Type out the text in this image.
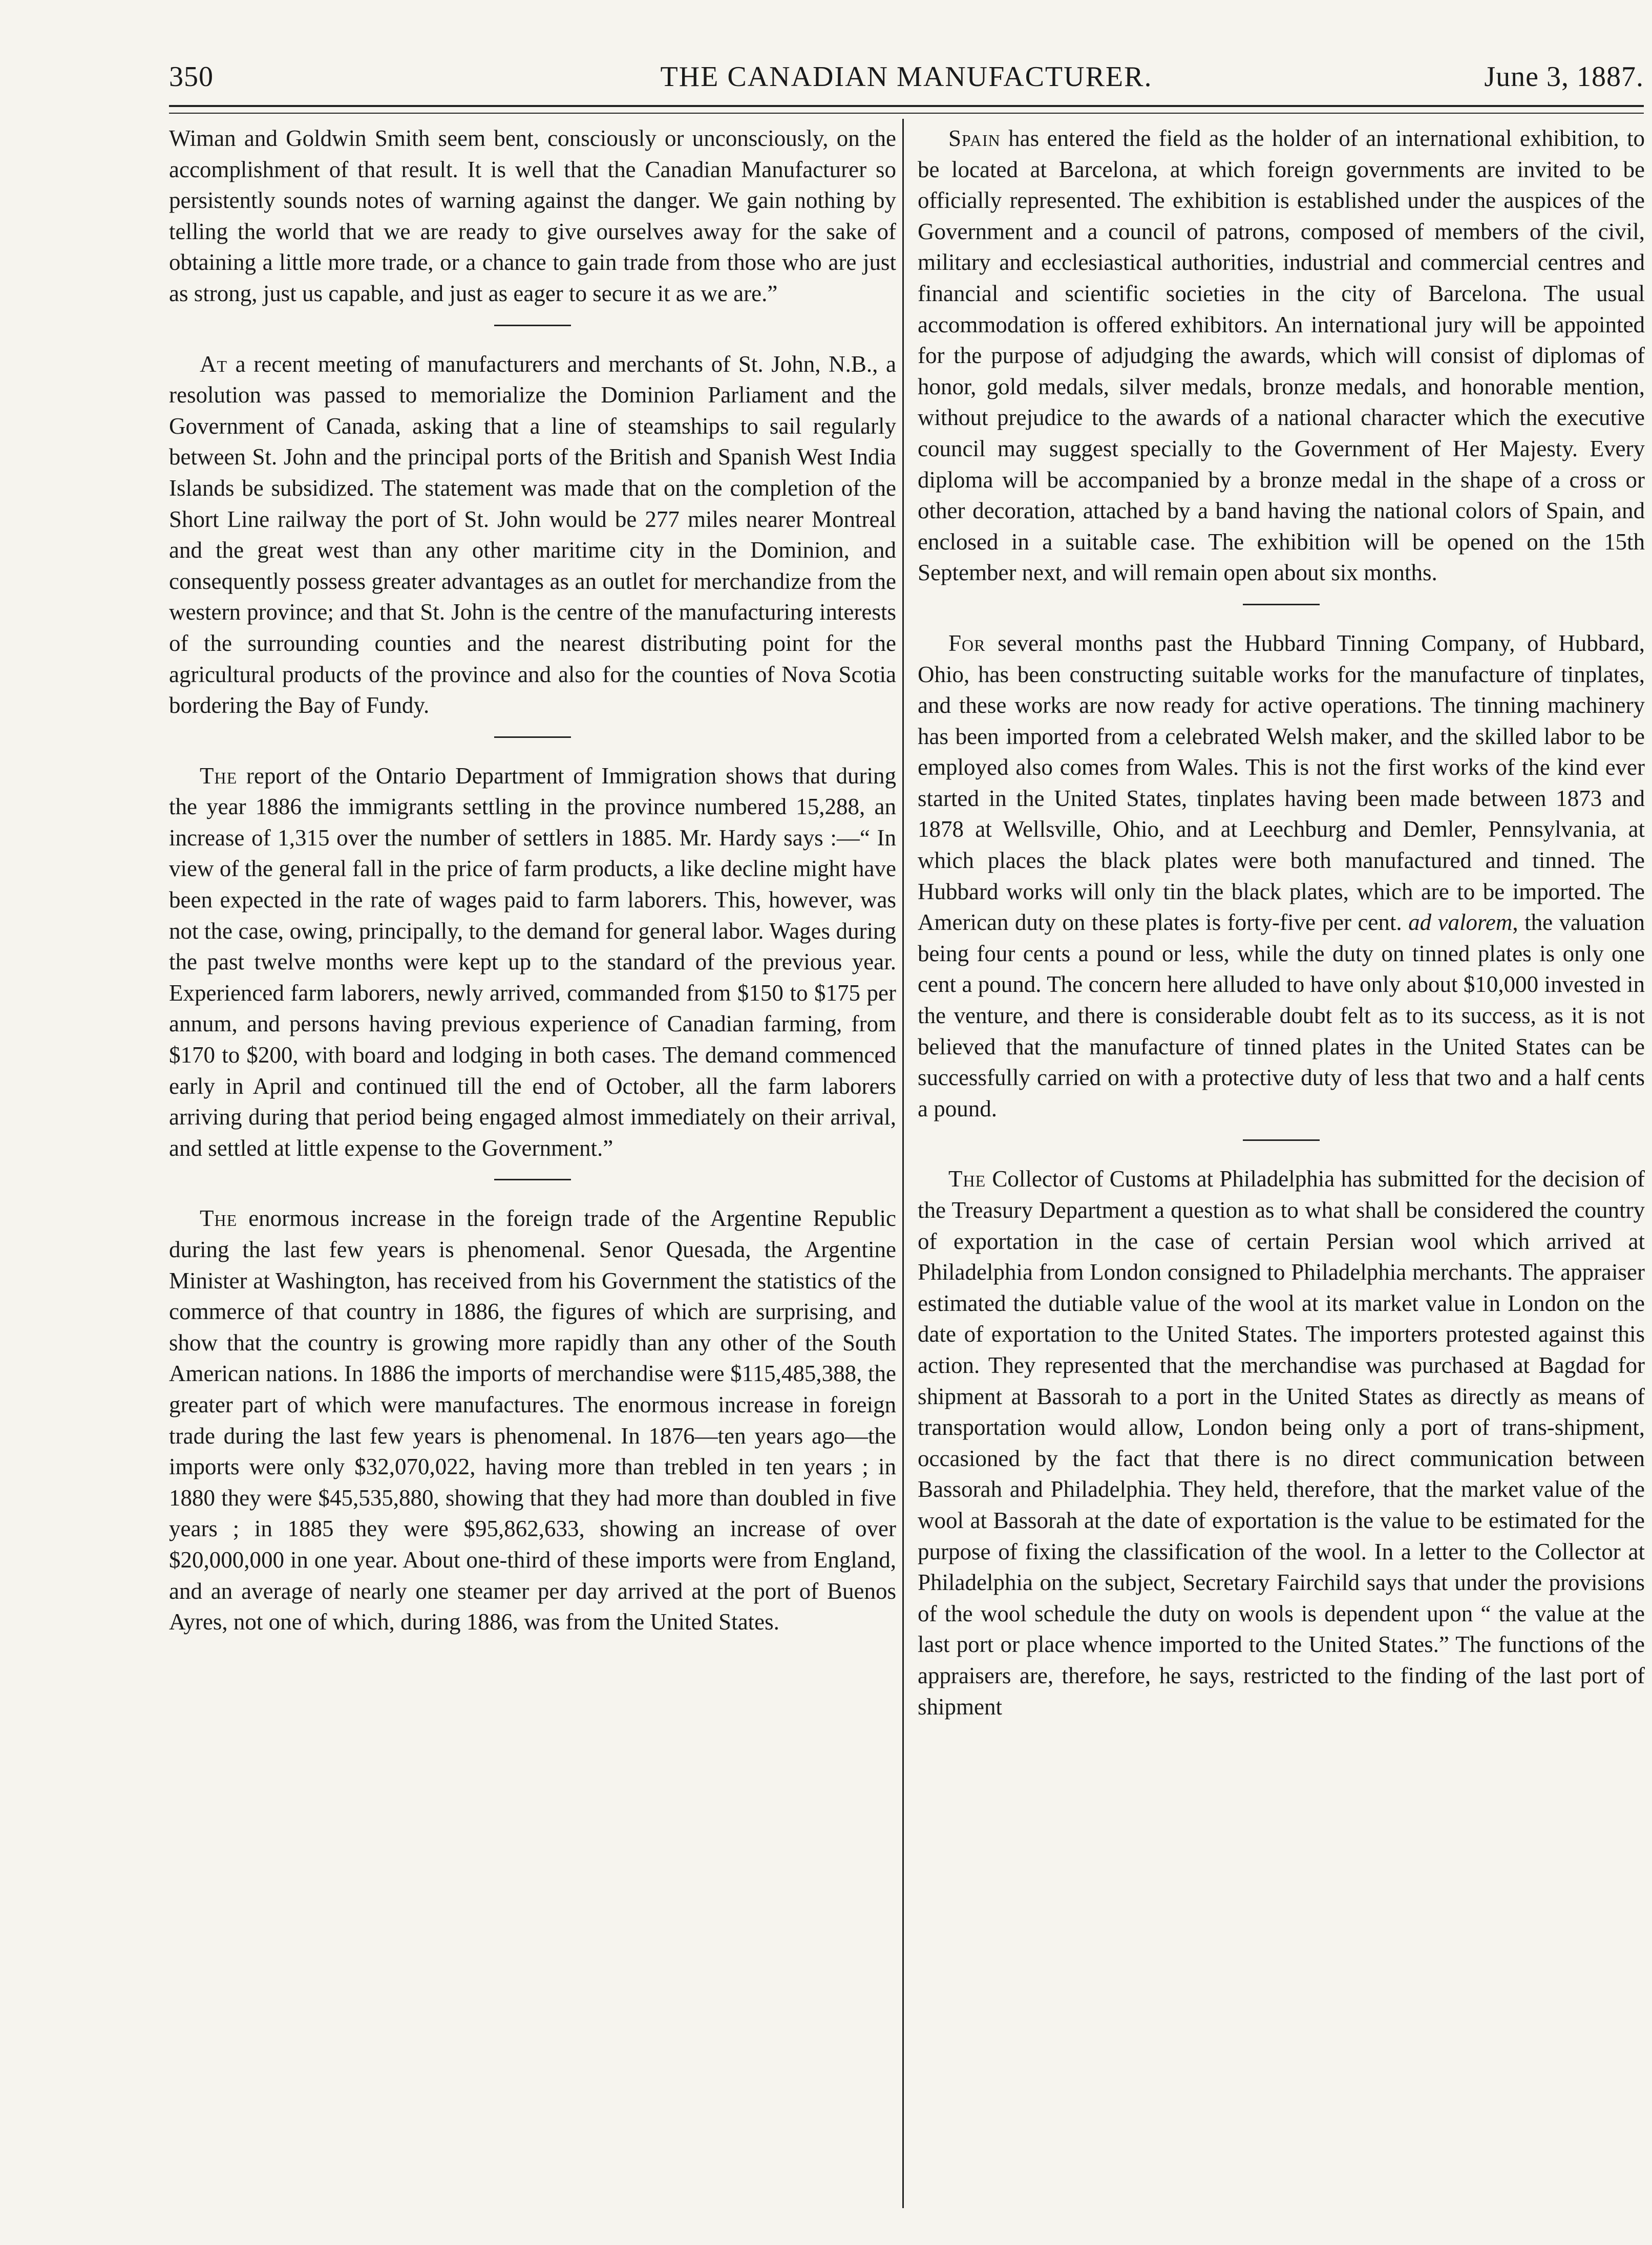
350	THE CANADIAN MANUFACTURER.	June 3, 1887.

Wiman and Goldwin Smith seem bent, consciously or unconsciously, on the accomplishment of that result. It is well that the Canadian Manufacturer so persistently sounds notes of warning against the danger. We gain nothing by telling the world that we are ready to give ourselves away for the sake of obtaining a little more trade, or a chance to gain trade from those who are just as strong, just us capable, and just as eager to secure it as we are.”

At a recent meeting of manufacturers and merchants of St. John, N.B., a resolution was passed to memorialize the Dominion Parliament and the Government of Canada, asking that a line of steamships to sail regularly between St. John and the principal ports of the British and Spanish West India Islands be subsidized. The statement was made that on the completion of the Short Line railway the port of St. John would be 277 miles nearer Montreal and the great west than any other maritime city in the Dominion, and consequently possess greater advantages as an outlet for merchandize from the western province; and that St. John is the centre of the manufacturing interests of the surrounding counties and the nearest distributing point for the agricultural products of the province and also for the counties of Nova Scotia bordering the Bay of Fundy.

The report of the Ontario Department of Immigration shows that during the year 1886 the immigrants settling in the province numbered 15,288, an increase of 1,315 over the number of settlers in 1885. Mr. Hardy says :—“ In view of the general fall in the price of farm products, a like decline might have been expected in the rate of wages paid to farm laborers. This, however, was not the case, owing, principally, to the demand for general labor. Wages during the past twelve months were kept up to the standard of the previous year. Experienced farm laborers, newly arrived, commanded from $150 to $175 per annum, and persons having previous experience of Canadian farming, from $170 to $200, with board and lodging in both cases. The demand commenced early in April and continued till the end of October, all the farm laborers arriving during that period being engaged almost immediately on their arrival, and settled at little expense to the Government.”

The enormous increase in the foreign trade of the Argentine Republic during the last few years is phenomenal. Senor Quesada, the Argentine Minister at Washington, has received from his Government the statistics of the commerce of that country in 1886, the figures of which are surprising, and show that the country is growing more rapidly than any other of the South American nations. In 1886 the imports of merchandise were $115,485,388, the greater part of which were manufactures. The enormous increase in foreign trade during the last few years is phenomenal. In 1876—ten years ago—the imports were only $32,070,022, having more than trebled in ten years ; in 1880 they were $45,535,880, showing that they had more than doubled in five years ; in 1885 they were $95,862,633, showing an increase of over $20,000,000 in one year. About one-third of these imports were from England, and an average of nearly one steamer per day arrived at the port of Buenos Ayres, not one of which, during 1886, was from the United States.

Spain has entered the field as the holder of an international exhibition, to be located at Barcelona, at which foreign governments are invited to be officially represented. The exhibition is established under the auspices of the Government and a council of patrons, composed of members of the civil, military and ecclesiastical authorities, industrial and commercial centres and financial and scientific societies in the city of Barcelona. The usual accommodation is offered exhibitors. An international jury will be appointed for the purpose of adjudging the awards, which will consist of diplomas of honor, gold medals, silver medals, bronze medals, and honorable mention, without prejudice to the awards of a national character which the executive council may suggest specially to the Government of Her Majesty. Every diploma will be accompanied by a bronze medal in the shape of a cross or other decoration, attached by a band having the national colors of Spain, and enclosed in a suitable case. The exhibition will be opened on the 15th September next, and will remain open about six months.

For several months past the Hubbard Tinning Company, of Hubbard, Ohio, has been constructing suitable works for the manufacture of tinplates, and these works are now ready for active operations. The tinning machinery has been imported from a celebrated Welsh maker, and the skilled labor to be employed also comes from Wales. This is not the first works of the kind ever started in the United States, tinplates having been made between 1873 and 1878 at Wellsville, Ohio, and at Leechburg and Demler, Pennsylvania, at which places the black plates were both manufactured and tinned. The Hubbard works will only tin the black plates, which are to be imported. The American duty on these plates is forty-five per cent. ad valorem, the valuation being four cents a pound or less, while the duty on tinned plates is only one cent a pound. The concern here alluded to have only about $10,000 invested in the venture, and there is considerable doubt felt as to its success, as it is not believed that the manufacture of tinned plates in the United States can be successfully carried on with a protective duty of less that two and a half cents a pound.

The Collector of Customs at Philadelphia has submitted for the decision of the Treasury Department a question as to what shall be considered the country of exportation in the case of certain Persian wool which arrived at Philadelphia from London consigned to Philadelphia merchants. The appraiser estimated the dutiable value of the wool at its market value in London on the date of exportation to the United States. The importers protested against this action. They represented that the merchandise was purchased at Bagdad for shipment at Bassorah to a port in the United States as directly as means of transportation would allow, London being only a port of trans-shipment, occasioned by the fact that there is no direct communication between Bassorah and Philadelphia. They held, therefore, that the market value of the wool at Bassorah at the date of exportation is the value to be estimated for the purpose of fixing the classification of the wool. In a letter to the Collector at Philadelphia on the subject, Secretary Fairchild says that under the provisions of the wool schedule the duty on wools is dependent upon “ the value at the last port or place whence imported to the United States.” The functions of the appraisers are, therefore, he says, restricted to the finding of the last port of shipment
